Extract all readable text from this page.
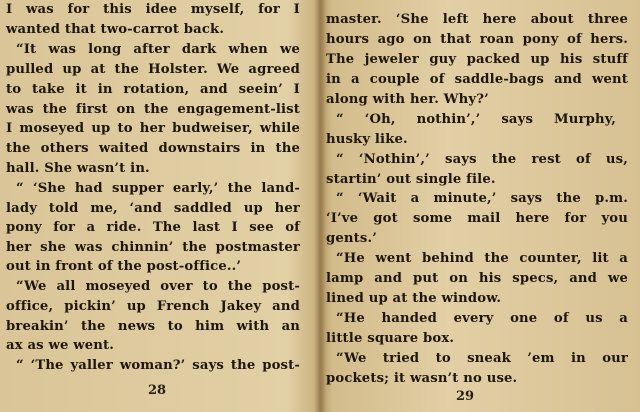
I was for this idee myself, for I
wanted that two-carrot back.
“It was long after dark when we
pulled up at the Holster. We agreed
to take it in rotation, and seein’ I
was the first on the engagement-list
I moseyed up to her budweiser, while
the others waited downstairs in the
hall. She wasn’t in.
“ ‘She had supper early,’ the land-
lady told me, ‘and saddled up her
pony for a ride. The last I see of
her she was chinnin’ the postmaster
out in front of the post-office..’
“We all moseyed over to the post-
office, pickin’ up French Jakey and
breakin’ the news to him with an
ax as we went.
“ ‘The yaller woman?’ says the post-
28
master. ‘She left here about three
hours ago on that roan pony of hers.
The jeweler guy packed up his stuff
in a couple of saddle-bags and went
along with her. Why?’
“ ‘Oh, nothin’,’ says Murphy,
husky like.
“ ‘Nothin’,’ says the rest of us,
startin’ out single file.
“ ‘Wait a minute,’ says the p.m.
‘I’ve got some mail here for you
gents.’
“He went behind the counter, lit a
lamp and put on his specs, and we
lined up at the window.
“He handed every one of us a
little square box.
“We tried to sneak ’em in our
pockets; it wasn’t no use.
29
